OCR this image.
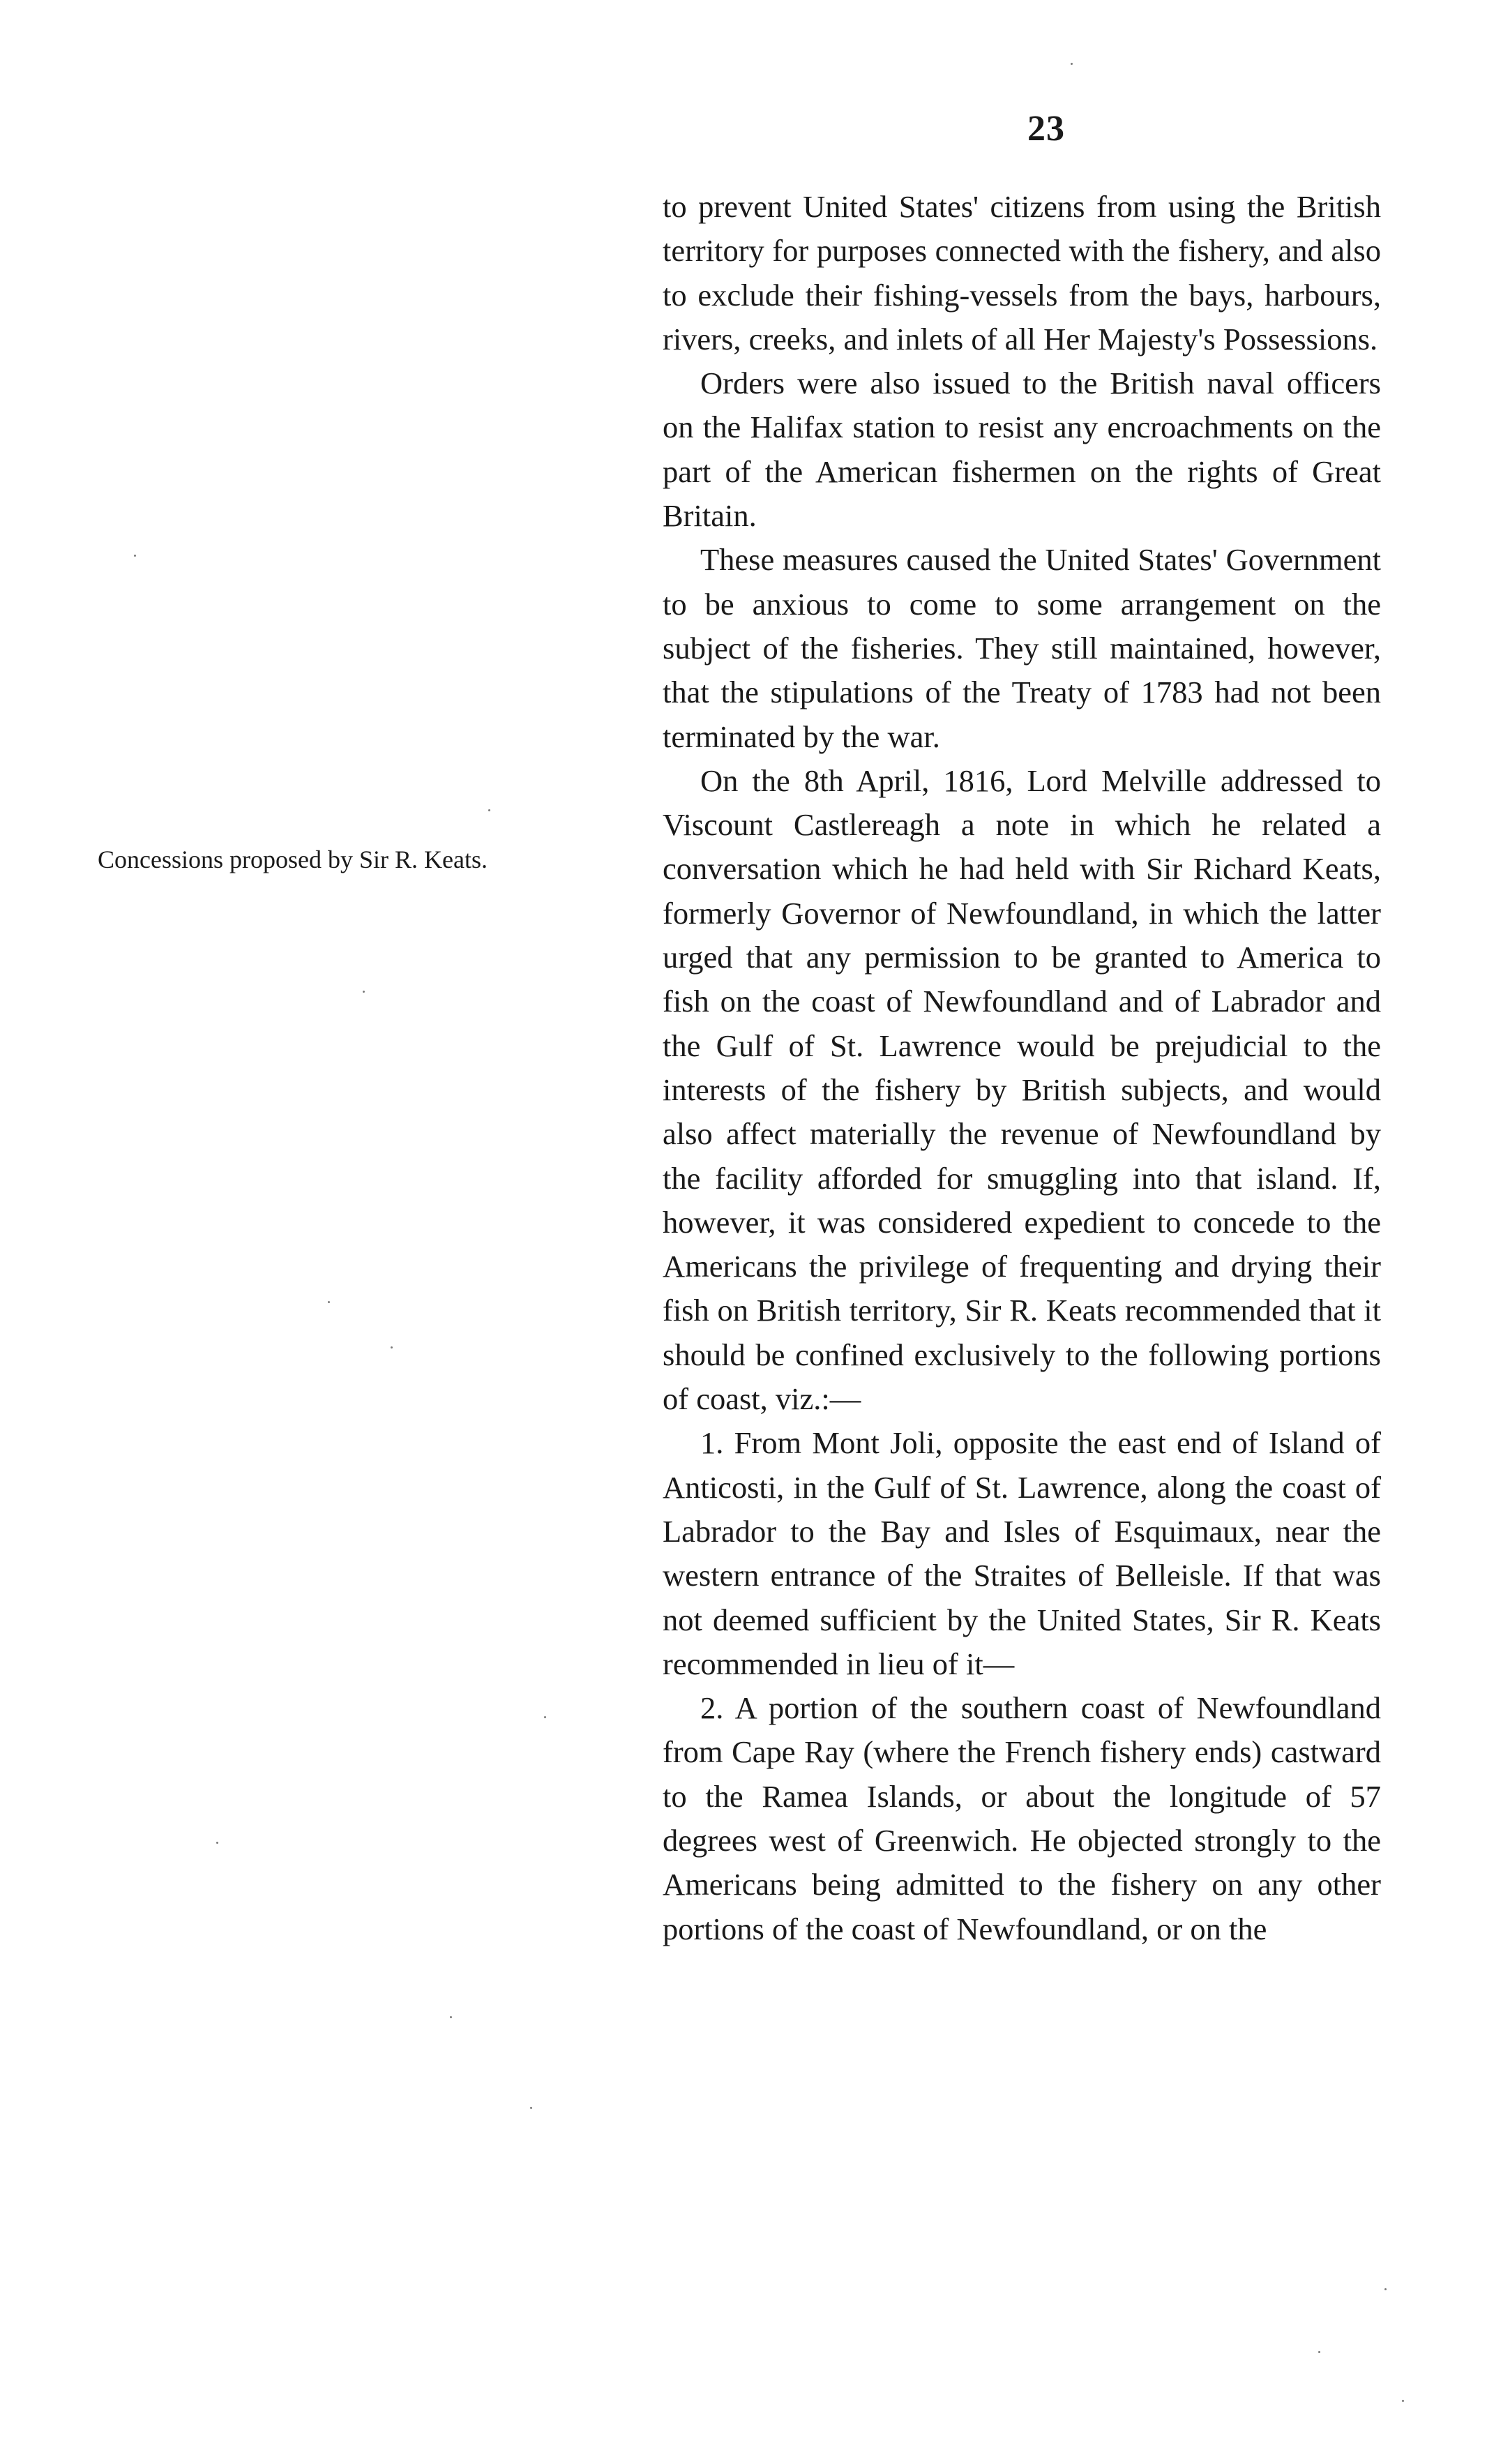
23
Concessions proposed by Sir R. Keats.

to prevent United States' citizens from using the British territory for purposes connected with the fishery, and also to exclude their fishing-vessels from the bays, harbours, rivers, creeks, and inlets of all Her Majesty's Possessions.

Orders were also issued to the British naval officers on the Halifax station to resist any encroachments on the part of the American fishermen on the rights of Great Britain.

These measures caused the United States' Government to be anxious to come to some arrangement on the subject of the fisheries. They still maintained, however, that the stipulations of the Treaty of 1783 had not been terminated by the war.

On the 8th April, 1816, Lord Melville addressed to Viscount Castlereagh a note in which he related a conversation which he had held with Sir Richard Keats, formerly Governor of Newfoundland, in which the latter urged that any permission to be granted to America to fish on the coast of Newfoundland and of Labrador and the Gulf of St. Lawrence would be prejudicial to the interests of the fishery by British subjects, and would also affect materially the revenue of Newfoundland by the facility afforded for smuggling into that island. If, however, it was considered expedient to concede to the Americans the privilege of frequenting and drying their fish on British territory, Sir R. Keats recommended that it should be confined exclusively to the following portions of coast, viz.:—

1. From Mont Joli, opposite the east end of Island of Anticosti, in the Gulf of St. Lawrence, along the coast of Labrador to the Bay and Isles of Esquimaux, near the western entrance of the Straites of Belleisle. If that was not deemed sufficient by the United States, Sir R. Keats recommended in lieu of it—

2. A portion of the southern coast of Newfoundland from Cape Ray (where the French fishery ends) castward to the Ramea Islands, or about the longitude of 57 degrees west of Greenwich. He objected strongly to the Americans being admitted to the fishery on any other portions of the coast of Newfoundland, or on the
